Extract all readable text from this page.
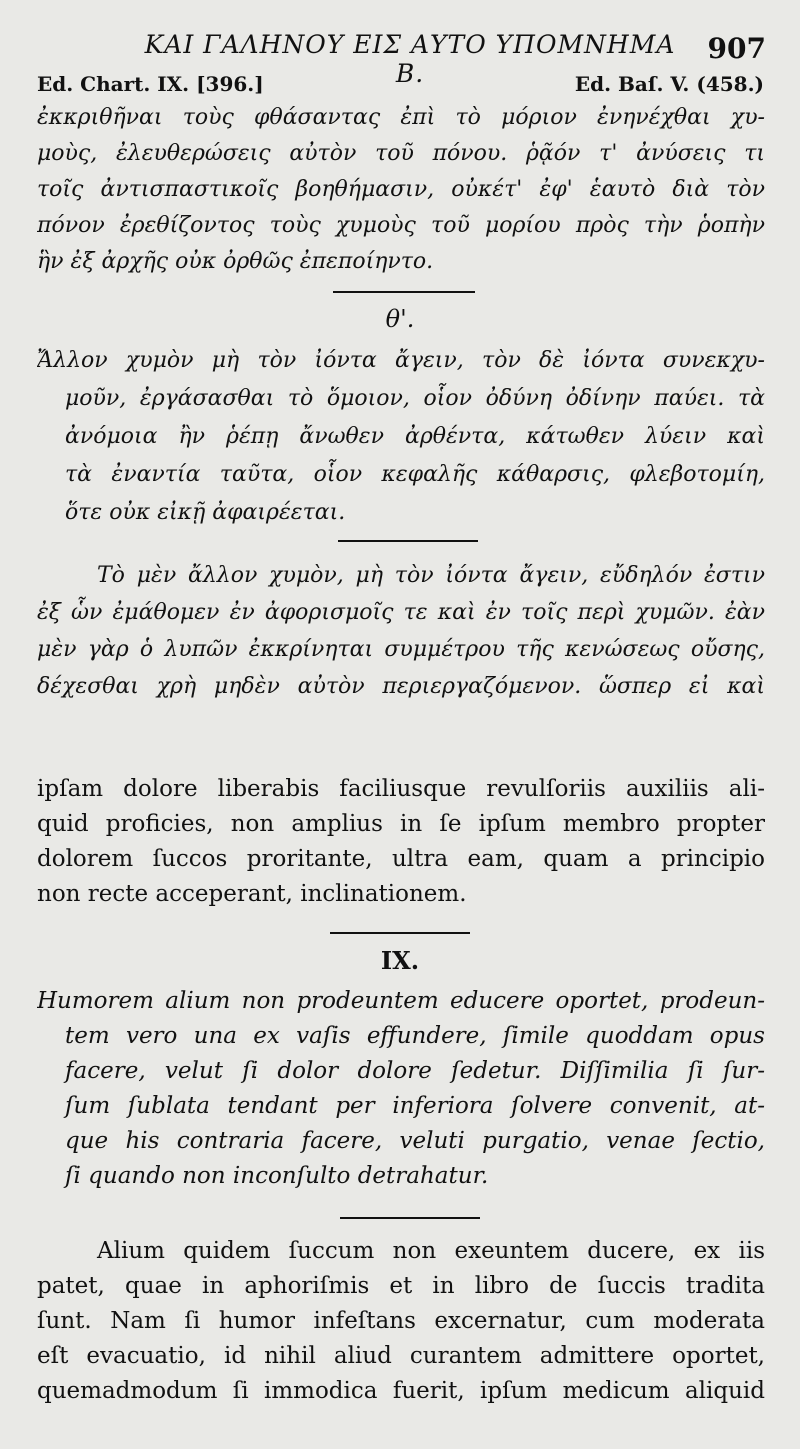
ΚΑΙ ΓΑΛΗΝΟΥ ΕΙΣ ΑΥΤΟ ΥΠΟΜΝΗΜΑ Β.
907
Ed. Chart. IX. [396.]	Ed. Baſ. V. (458.)
ἐκκριθῆναι τοὺς φθάσαντας ἐπὶ τὸ μόριον ἐνηνέχθαι χυ-
μοὺς, ἐλευθερώσεις αὐτὸν τοῦ πόνου. ῥᾷόν τ' ἀνύσεις τι
τοῖς ἀντισπαστικοῖς βοηθήμασιν, οὐκέτ' ἐφ' ἑαυτὸ διὰ τὸν
πόνον ἐρεθίζοντος τοὺς χυμοὺς τοῦ μορίου πρὸς τὴν ῥοπὴν
ἣν ἐξ ἀρχῆς οὐκ ὀρθῶς ἐπεποίηντο.
θ'.
Ἄλλον χυμὸν μὴ τὸν ἰόντα ἄγειν, τὸν δὲ ἰόντα συνεκχυ-
μοῦν, ἐργάσασθαι τὸ ὅμοιον, οἷον ὀδύνη ὀδίνην παύει. τὰ
ἀνόμοια ἢν ῥέπῃ ἄνωθεν ἀρθέντα, κάτωθεν λύειν καὶ
τὰ ἐναντία ταῦτα, οἷον κεφαλῆς κάθαρσις, φλεβοτομίη,
ὅτε οὐκ εἰκῇ ἀφαιρέεται.
Τὸ μὲν ἄλλον χυμὸν, μὴ τὸν ἰόντα ἄγειν, εὔδηλόν ἐστιν
ἐξ ὧν ἐμάθομεν ἐν ἀφορισμοῖς τε καὶ ἐν τοῖς περὶ χυμῶν. ἐὰν
μὲν γὰρ ὁ λυπῶν ἐκκρίνηται συμμέτρου τῆς κενώσεως οὔσης,
δέχεσθαι χρὴ μηδὲν αὐτὸν περιεργαζόμενον. ὥσπερ εἰ καὶ
ipſam dolore liberabis faciliusque revulſoriis auxiliis ali-
quid proficies, non amplius in ſe ipſum membro propter
dolorem ſuccos proritante, ultra eam, quam a principio
non recte acceperant, inclinationem.
IX.
Humorem alium non prodeuntem educere oportet, prodeun-
tem vero una ex vaſis effundere, ſimile quoddam opus
facere, velut ſi dolor dolore ſedetur. Diſſimilia ſi ſur-
ſum ſublata tendant per inferiora ſolvere convenit, at-
que his contraria facere, veluti purgatio, venae ſectio,
ſi quando non inconſulto detrahatur.
Alium quidem ſuccum non exeuntem ducere, ex iis
patet, quae in aphoriſmis et in libro de ſuccis tradita
ſunt. Nam ſi humor infeſtans excernatur, cum moderata
eſt evacuatio, id nihil aliud curantem admittere oportet,
quemadmodum ſi immodica fuerit, ipſum medicum aliquid
